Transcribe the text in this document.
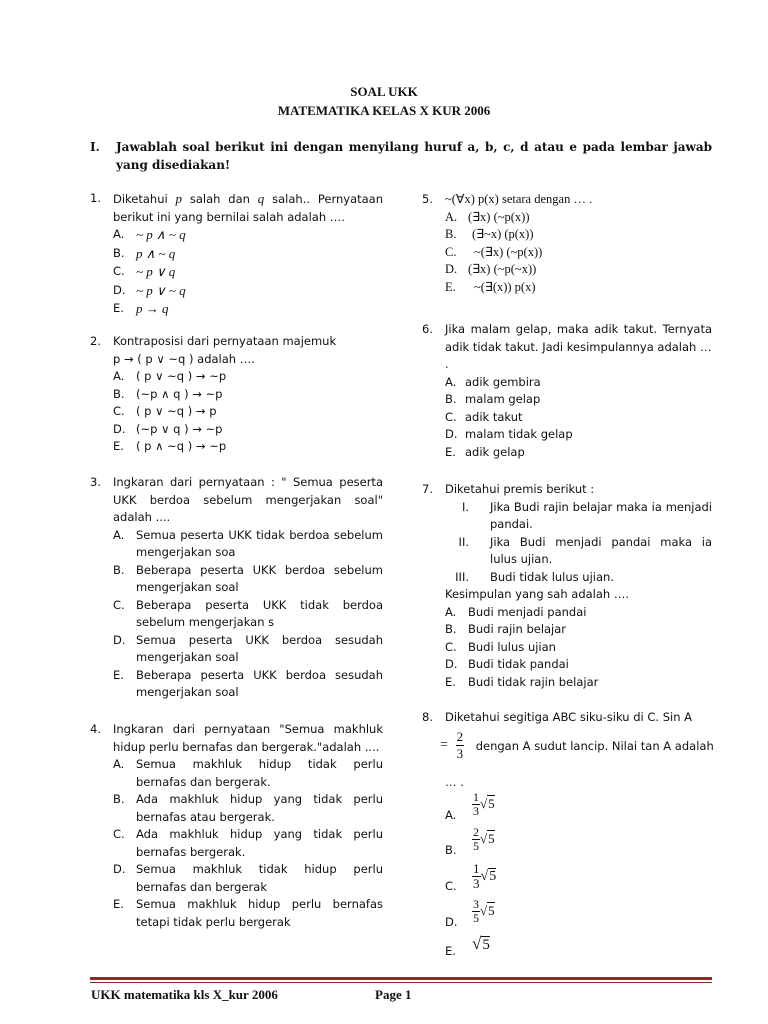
SOAL UKK
MATEMATIKA KELAS X KUR 2006
I. Jawablah soal berikut ini dengan menyilang huruf a, b, c, d atau e pada lembar jawab yang disediakan!
1. Diketahui p salah dan q salah.. Pernyataan berikut ini yang bernilai salah adalah ….
A. ~ p ∧ ~ q
B. p ∧ ~ q
C. ~ p ∨ q
D. ~ p ∨ ~ q
E. p → q
2. Kontraposisi dari pernyataan majemuk
p → ( p ∨ ~q ) adalah ….
A. ( p ∨ ~q ) → ~p
B. (~p ∧ q ) → ~p
C. ( p ∨ ~q ) → p
D. (~p ∨ q ) → ~p
E. ( p ∧ ~q ) → ~p
3. Ingkaran dari pernyataan : " Semua peserta UKK berdoa sebelum mengerjakan soal" adalah ....
A. Semua peserta UKK tidak berdoa sebelum mengerjakan soa
B. Beberapa peserta UKK berdoa sebelum mengerjakan soal
C. Beberapa peserta UKK tidak berdoa sebelum mengerjakan s
D. Semua peserta UKK berdoa sesudah mengerjakan soal
E. Beberapa peserta UKK berdoa sesudah mengerjakan soal
4. Ingkaran dari pernyataan "Semua makhluk hidup perlu bernafas dan bergerak."adalah ....
A. Semua makhluk hidup tidak perlu bernafas dan bergerak.
B. Ada makhluk hidup yang tidak perlu bernafas atau bergerak.
C. Ada makhluk hidup yang tidak perlu bernafas bergerak.
D. Semua makhluk tidak hidup perlu bernafas dan bergerak
E. Semua makhluk hidup perlu bernafas tetapi tidak perlu bergerak
5. ~(∀x) p(x) setara dengan … .
A. (∃x) (~p(x))
B. (∃~x) (p(x))
C. ~(∃x) (~p(x))
D. (∃x) (~p(~x))
E. ~(∃(x)) p(x)
6. Jika malam gelap, maka adik takut. Ternyata adik tidak takut. Jadi kesimpulannya adalah …
.
A. adik gembira
B. malam gelap
C. adik takut
D. malam tidak gelap
E. adik gelap
7. Diketahui premis berikut :
I. Jika Budi rajin belajar maka ia menjadi pandai.
II. Jika Budi menjadi pandai maka ia lulus ujian.
III. Budi tidak lulus ujian.
Kesimpulan yang sah adalah ….
A. Budi menjadi pandai
B. Budi rajin belajar
C. Budi lulus ujian
D. Budi tidak pandai
E. Budi tidak rajin belajar
8. Diketahui segitiga ABC siku-siku di C. Sin A
= $\frac{2}{3}$ dengan A sudut lancip. Nilai tan A adalah
… .
A. $\frac{1}{3} √5$
B. $\frac{2}{5} √5$
C. $\frac{1}{3} √5$
D. $\frac{3}{5} √5$
E. √5
UKK matematika kls X_kur 2006	Page 1
